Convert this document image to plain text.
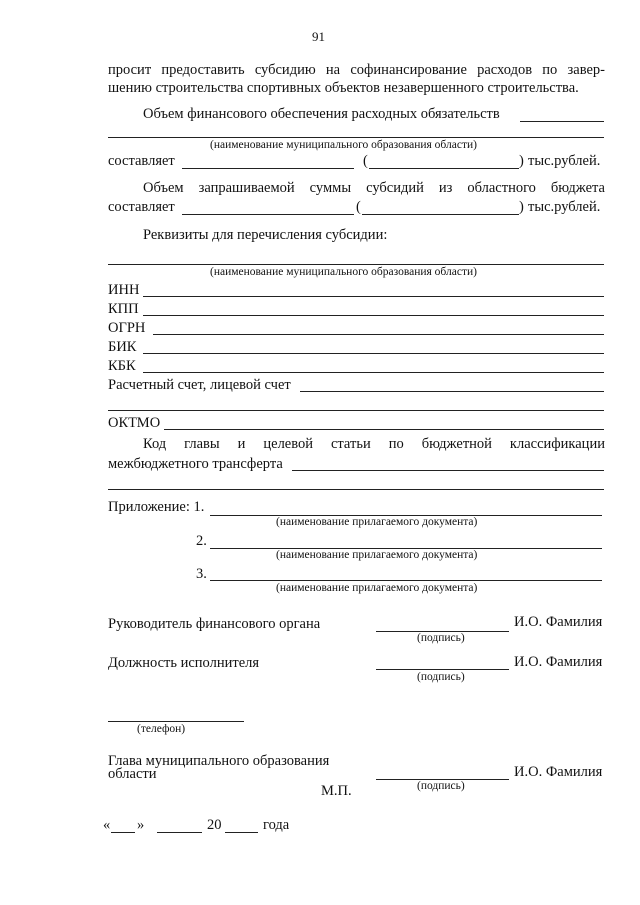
91
просит предоставить субсидию на софинансирование расходов по завер-
шению строительства спортивных объектов незавершенного строительства.
Объем финансового обеспечения расходных обязательств
(наименование муниципального образования области)
составляет	(	) тыс.рублей.
Объем запрашиваемой суммы субсидий из областного бюджета
составляет	(	) тыс.рублей.
Реквизиты для перечисления субсидии:
(наименование муниципального образования области)
ИНН
КПП
ОГРН
БИК
КБК
Расчетный счет, лицевой счет
ОКТМО
Код главы и целевой статьи по бюджетной классификации
межбюджетного трансферта
Приложение: 1.
(наименование прилагаемого документа)
2.
(наименование прилагаемого документа)
3.
(наименование прилагаемого документа)
Руководитель финансового органа	И.О. Фамилия
(подпись)
Должность исполнителя	И.О. Фамилия
(подпись)
(телефон)
Глава муниципального образования
области	И.О. Фамилия
(подпись)
М.П.
« »	20	года
